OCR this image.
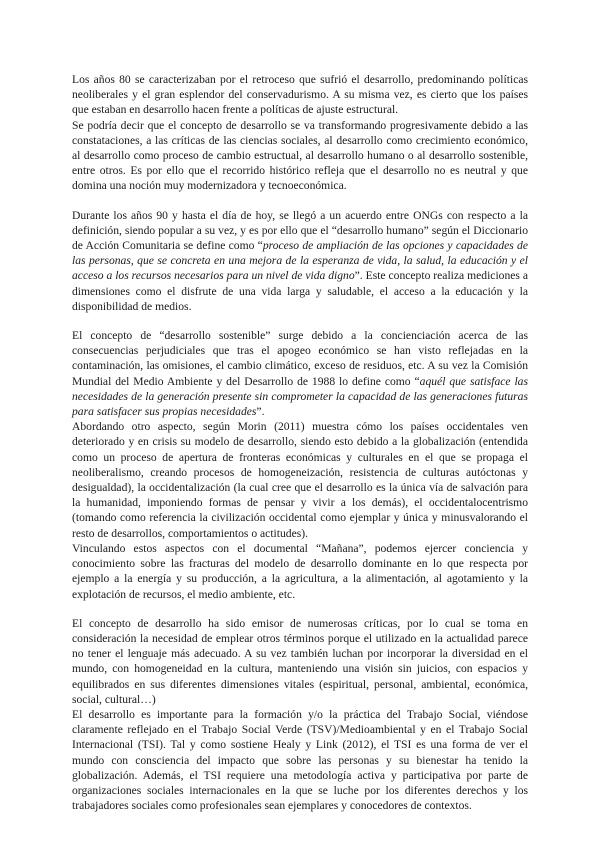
Los años 80 se caracterizaban por el retroceso que sufrió el desarrollo, predominando políticas neoliberales y el gran esplendor del conservadurismo. A su misma vez, es cierto que los países que estaban en desarrollo hacen frente a políticas de ajuste estructural.

Se podría decir que el concepto de desarrollo se va transformando progresivamente debido a las constataciones, a las críticas de las ciencias sociales, al desarrollo como crecimiento económico, al desarrollo como proceso de cambio estructual, al desarrollo humano o al desarrollo sostenible, entre otros. Es por ello que el recorrido histórico refleja que el desarrollo no es neutral y que domina una noción muy modernizadora y tecnoeconómica.

Durante los años 90 y hasta el día de hoy, se llegó a un acuerdo entre ONGs con respecto a la definición, siendo popular a su vez, y es por ello que el “desarrollo humano” según el Diccionario de Acción Comunitaria se define como “proceso de ampliación de las opciones y capacidades de las personas, que se concreta en una mejora de la esperanza de vida, la salud, la educación y el acceso a los recursos necesarios para un nivel de vida digno”. Este concepto realiza mediciones a dimensiones como el disfrute de una vida larga y saludable, el acceso a la educación y la disponibilidad de medios.

El concepto de “desarrollo sostenible” surge debido a la concienciación acerca de las consecuencias perjudiciales que tras el apogeo económico se han visto reflejadas en la contaminación, las omisiones, el cambio climático, exceso de residuos, etc. A su vez la Comisión Mundial del Medio Ambiente y del Desarrollo de 1988 lo define como “aquél que satisface las necesidades de la generación presente sin comprometer la capacidad de las generaciones futuras para satisfacer sus propias necesidades”.

Abordando otro aspecto, según Morin (2011) muestra cómo los países occidentales ven deteriorado y en crisis su modelo de desarrollo, siendo esto debido a la globalización (entendida como un proceso de apertura de fronteras económicas y culturales en el que se propaga el neoliberalismo, creando procesos de homogeneización, resistencia de culturas autóctonas y desigualdad), la occidentalización (la cual cree que el desarrollo es la única vía de salvación para la humanidad, imponiendo formas de pensar y vivir a los demás), el occidentalocentrismo (tomando como referencia la civilización occidental como ejemplar y única y minusvalorando el resto de desarrollos, comportamientos o actitudes).

Vinculando estos aspectos con el documental “Mañana”, podemos ejercer conciencia y conocimiento sobre las fracturas del modelo de desarrollo dominante en lo que respecta por ejemplo a la energía y su producción, a la agricultura, a la alimentación, al agotamiento y la explotación de recursos, el medio ambiente, etc.

El concepto de desarrollo ha sido emisor de numerosas críticas, por lo cual se toma en consideración la necesidad de emplear otros términos porque el utilizado en la actualidad parece no tener el lenguaje más adecuado. A su vez también luchan por incorporar la diversidad en el mundo, con homogeneidad en la cultura, manteniendo una visión sin juicios, con espacios y equilibrados en sus diferentes dimensiones vitales (espiritual, personal, ambiental, económica, social, cultural…)

El desarrollo es importante para la formación y/o la práctica del Trabajo Social, viéndose claramente reflejado en el Trabajo Social Verde (TSV)/Medioambiental y en el Trabajo Social Internacional (TSI). Tal y como sostiene Healy y Link (2012), el TSI es una forma de ver el mundo con consciencia del impacto que sobre las personas y su bienestar ha tenido la globalización. Además, el TSI requiere una metodología activa y participativa por parte de organizaciones sociales internacionales en la que se luche por los diferentes derechos y los trabajadores sociales como profesionales sean ejemplares y conocedores de contextos.
